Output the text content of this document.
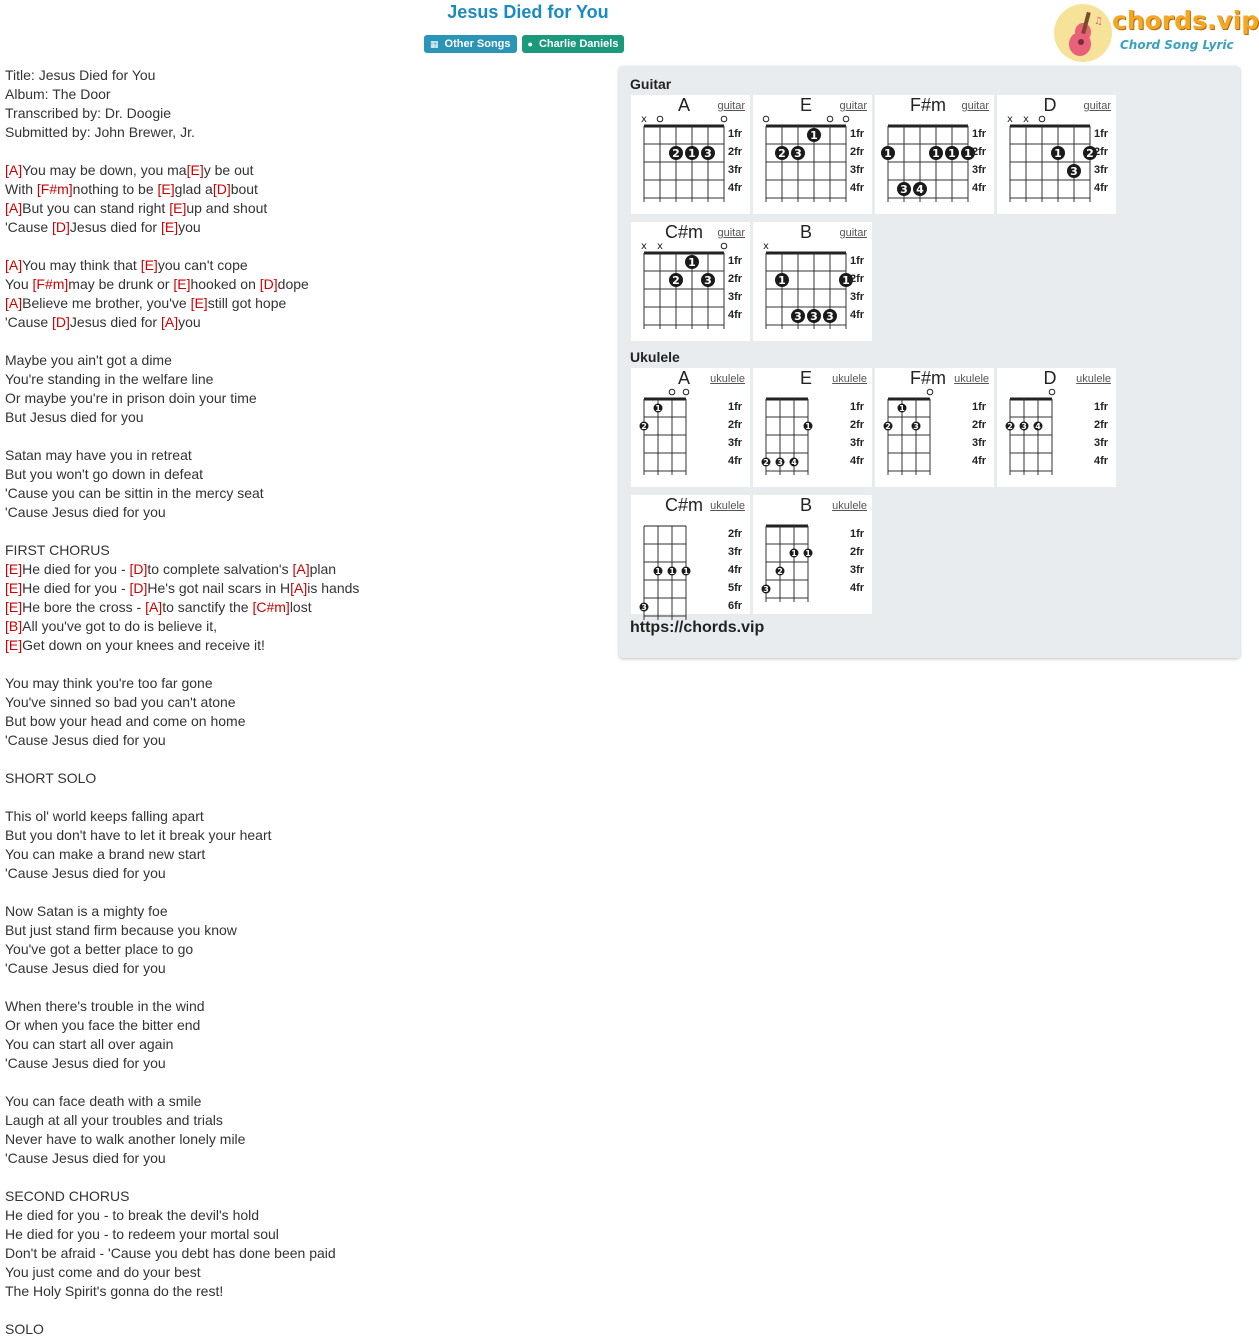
Jesus Died for You
▦ Other Songs ● Charlie Daniels
♫ chords.vip
Chord Song Lyric
Title: Jesus Died for You
Album: The Door
Transcribed by: Dr. Doogie
Submitted by: John Brewer, Jr.

[A]You may be down, you ma[E]y be out
With [F#m]nothing to be [E]glad a[D]bout
[A]But you can stand right [E]up and shout
'Cause [D]Jesus died for [E]you

[A]You may think that [E]you can't cope
You [F#m]may be drunk or [E]hooked on [D]dope
[A]Believe me brother, you've [E]still got hope
'Cause [D]Jesus died for [A]you

Maybe you ain't got a dime
You're standing in the welfare line
Or maybe you're in prison doin your time
But Jesus died for you

Satan may have you in retreat
But you won't go down in defeat
'Cause you can be sittin in the mercy seat
'Cause Jesus died for you

FIRST CHORUS
[E]He died for you - [D]to complete salvation's [A]plan
[E]He died for you - [D]He's got nail scars in H[A]is hands
[E]He bore the cross - [A]to sanctify the [C#m]lost
[B]All you've got to do is believe it,
[E]Get down on your knees and receive it!

You may think you're too far gone
You've sinned so bad you can't atone
But bow your head and come on home
'Cause Jesus died for you

SHORT SOLO

This ol' world keeps falling apart
But you don't have to let it break your heart
You can make a brand new start
'Cause Jesus died for you

Now Satan is a mighty foe
But just stand firm because you know
You've got a better place to go
'Cause Jesus died for you

When there's trouble in the wind
Or when you face the bitter end
You can start all over again
'Cause Jesus died for you

You can face death with a smile
Laugh at all your troubles and trials
Never have to walk another lonely mile
'Cause Jesus died for you

SECOND CHORUS
He died for you - to break the devil's hold
He died for you - to redeem your mortal soul
Don't be afraid - 'Cause you debt has done been paid
You just come and do your best
The Holy Spirit's gonna do the rest!

SOLO
Guitar
x
2 1 3
1fr
2fr
3fr
4fr
A	guitar
2 3
1	1fr
2fr
3fr
4fr
E	guitar
1
3 4
1 1 1
1fr
2fr
3fr
4fr
F#m	guitar
x x
1
3
2
1fr
2fr
3fr
4fr
D	guitar
x x
2
1
3
1fr
2fr
3fr
4fr
C#m	guitar
x
1
3 3 3
1
1fr
2fr
3fr
4fr
B	guitar
Ukulele
2
1	1fr
2fr
3fr
4fr
A	ukulele
2 3 4
1
1fr
2fr
3fr
4fr
E	ukulele
2
1
3
1fr
2fr
3fr
4fr
F#m ukulele
2 3 4
1fr
2fr
3fr
4fr
D	ukulele
3
1 1 1
2fr
3fr
4fr
5fr
6fr
C#m ukulele
3
2
1 1
1fr
2fr
3fr
4fr
B	ukulele
https://chords.vip
